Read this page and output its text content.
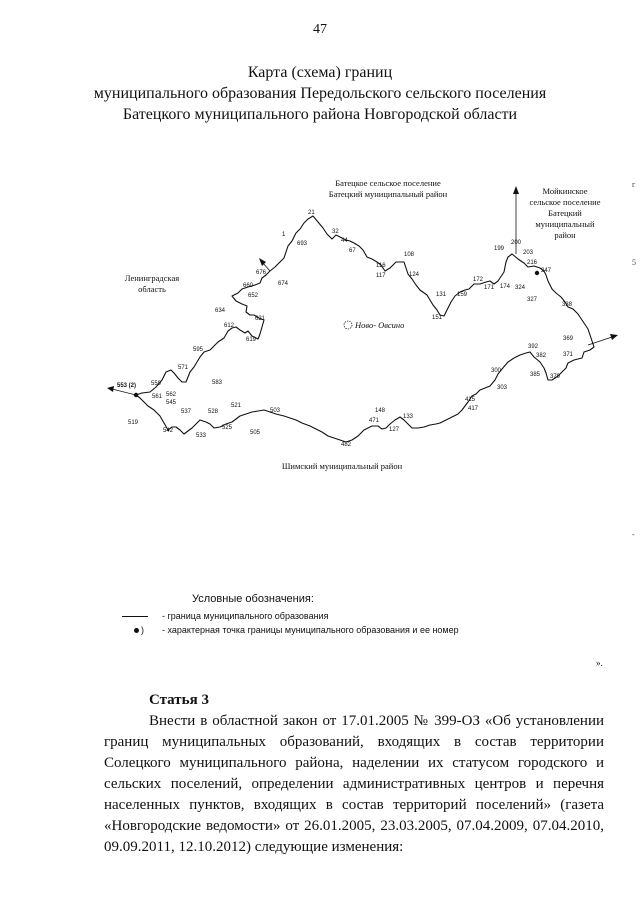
47
Карта (схема) границ
муниципального образования Передольского сельского поселения
Батецкого муниципального района Новгородской области
Батецкое сельское поселение
Батецкий муниципальный район	Мойкинское
сельское поселение
Батецкий
муниципальный
район
Ленинградская
область
Шимский муниципальный район
Ново- Овсино
21
32
44
1
693
67
108
116
117	124
131
151
159
172
174
171
199
200
203
216
247
324
327
338
369
371
392
382
385 379
300
303
415
417
148
133
471
127
482
503
505
521
525
528
533
537
542
545
519
553 (2) 559
561 562
571
583
595
619
612
621
634
652
660	674
676
Условные обозначения:
- граница муниципального образования
) - характерная точка границы муниципального образования и ее номер
».
Статья 3

Внести в областной закон от 17.01.2005 № 399-ОЗ «Об установлении границ муниципальных образований, входящих в состав территории Солецкого муниципального района, наделении их статусом городского и сельских поселений, определении административных центров и перечня населенных пунктов, входящих в состав территорий поселений» (газета «Новгородские ведомости» от 26.01.2005, 23.03.2005, 07.04.2009, 07.04.2010, 09.09.2011, 12.10.2012) следующие изменения:

г
5
-
